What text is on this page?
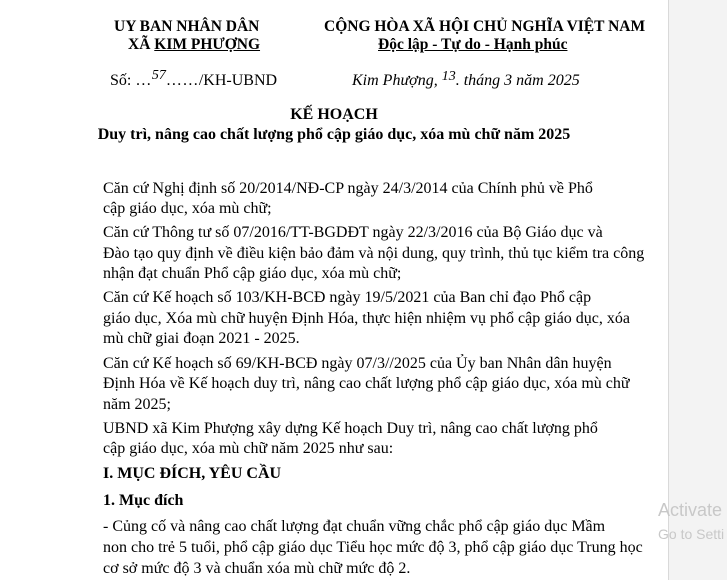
UY BAN NHÂN DÂN
XÃ KIM PHƯỢNG
CỘNG HÒA XÃ HỘI CHỦ NGHĨA VIỆT NAM
Độc lập - Tự do - Hạnh phúc
Số: …57……/KH-UBND	Kim Phượng, 13. tháng 3 năm 2025
KẾ HOẠCH
Duy trì, nâng cao chất lượng phổ cập giáo dục, xóa mù chữ năm 2025
Căn cứ Nghị định số 20/2014/NĐ-CP ngày 24/3/2014 của Chính phủ về Phổ
cập giáo dục, xóa mù chữ;
Căn cứ Thông tư số 07/2016/TT-BGDĐT ngày 22/3/2016 của Bộ Giáo dục và
Đào tạo quy định về điều kiện bảo đảm và nội dung, quy trình, thủ tục kiểm tra công
nhận đạt chuẩn Phổ cập giáo dục, xóa mù chữ;
Căn cứ Kế hoạch số 103/KH-BCĐ ngày 19/5/2021 của Ban chỉ đạo Phổ cập
giáo dục, Xóa mù chữ huyện Định Hóa, thực hiện nhiệm vụ phổ cập giáo dục, xóa
mù chữ giai đoạn 2021 - 2025.
Căn cứ Kế hoạch số 69/KH-BCĐ ngày 07/3//2025 của Ủy ban Nhân dân huyện
Định Hóa về Kế hoạch duy trì, nâng cao chất lượng phổ cập giáo dục, xóa mù chữ
năm 2025;
UBND xã Kim Phượng xây dựng Kế hoạch Duy trì, nâng cao chất lượng phổ
cập giáo dục, xóa mù chữ năm 2025 như sau:
I. MỤC ĐÍCH, YÊU CẦU
1. Mục đích
- Củng cố và nâng cao chất lượng đạt chuẩn vững chắc phổ cập giáo dục Mầm
non cho trẻ 5 tuổi, phổ cập giáo dục Tiểu học mức độ 3, phổ cập giáo dục Trung học
cơ sở mức độ 3 và chuẩn xóa mù chữ mức độ 2.
Activate
Go to Setti
